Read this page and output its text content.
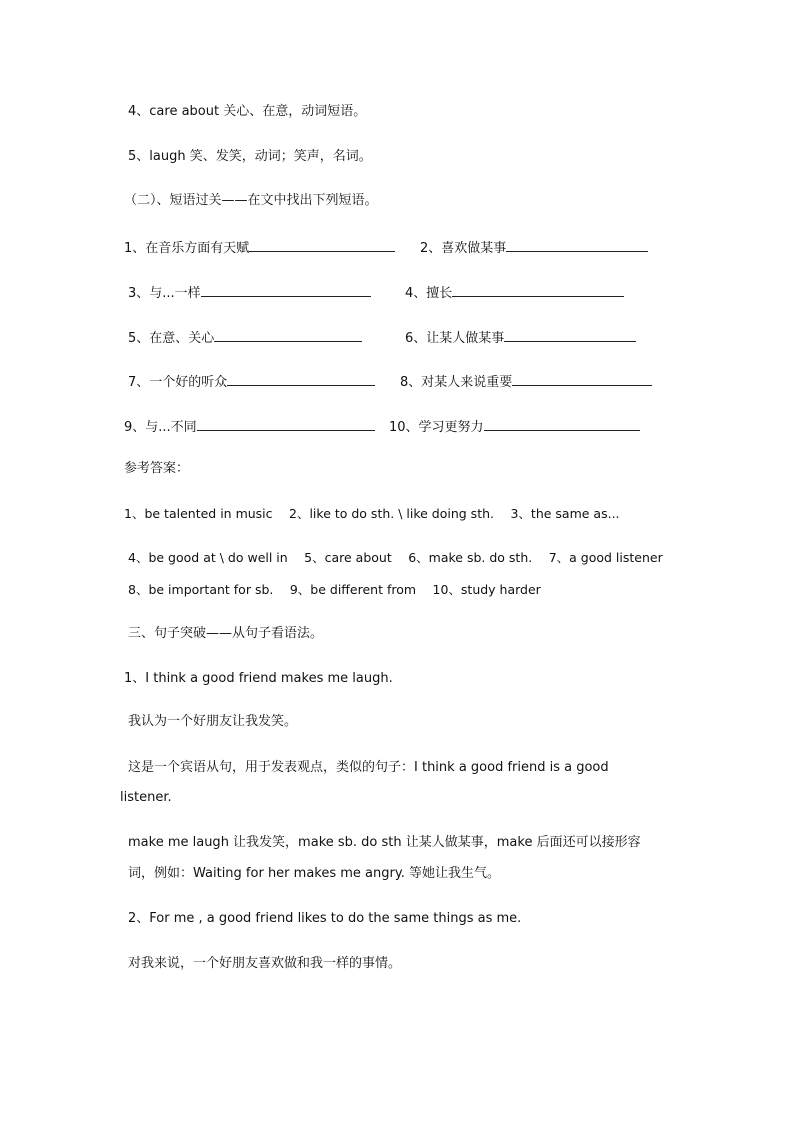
4、care about 关心、在意，动词短语。
5、laugh 笑、发笑，动词；笑声，名词。
（二）、短语过关——在文中找出下列短语。
1、在音乐方面有天赋	2、喜欢做某事
3、与...一样	4、擅长
5、在意、关心	6、让某人做某事
7、一个好的听众	8、对某人来说重要
9、与...不同	10、学习更努力
参考答案：
1、be talented in music　 2、like to do sth. \ like doing sth.　 3、the same as...
4、be good at \ do well in　 5、care about　 6、make sb. do sth.　 7、a good listener
8、be important for sb.　 9、be different from　 10、study harder
三、句子突破——从句子看语法。
1、I think a good friend makes me laugh.
我认为一个好朋友让我发笑。
这是一个宾语从句，用于发表观点，类似的句子：I think a good friend is a good
listener.
make me laugh 让我发笑，make sb. do sth 让某人做某事，make 后面还可以接形容
词，例如：Waiting for her makes me angry. 等她让我生气。
2、For me , a good friend likes to do the same things as me.
对我来说，一个好朋友喜欢做和我一样的事情。
